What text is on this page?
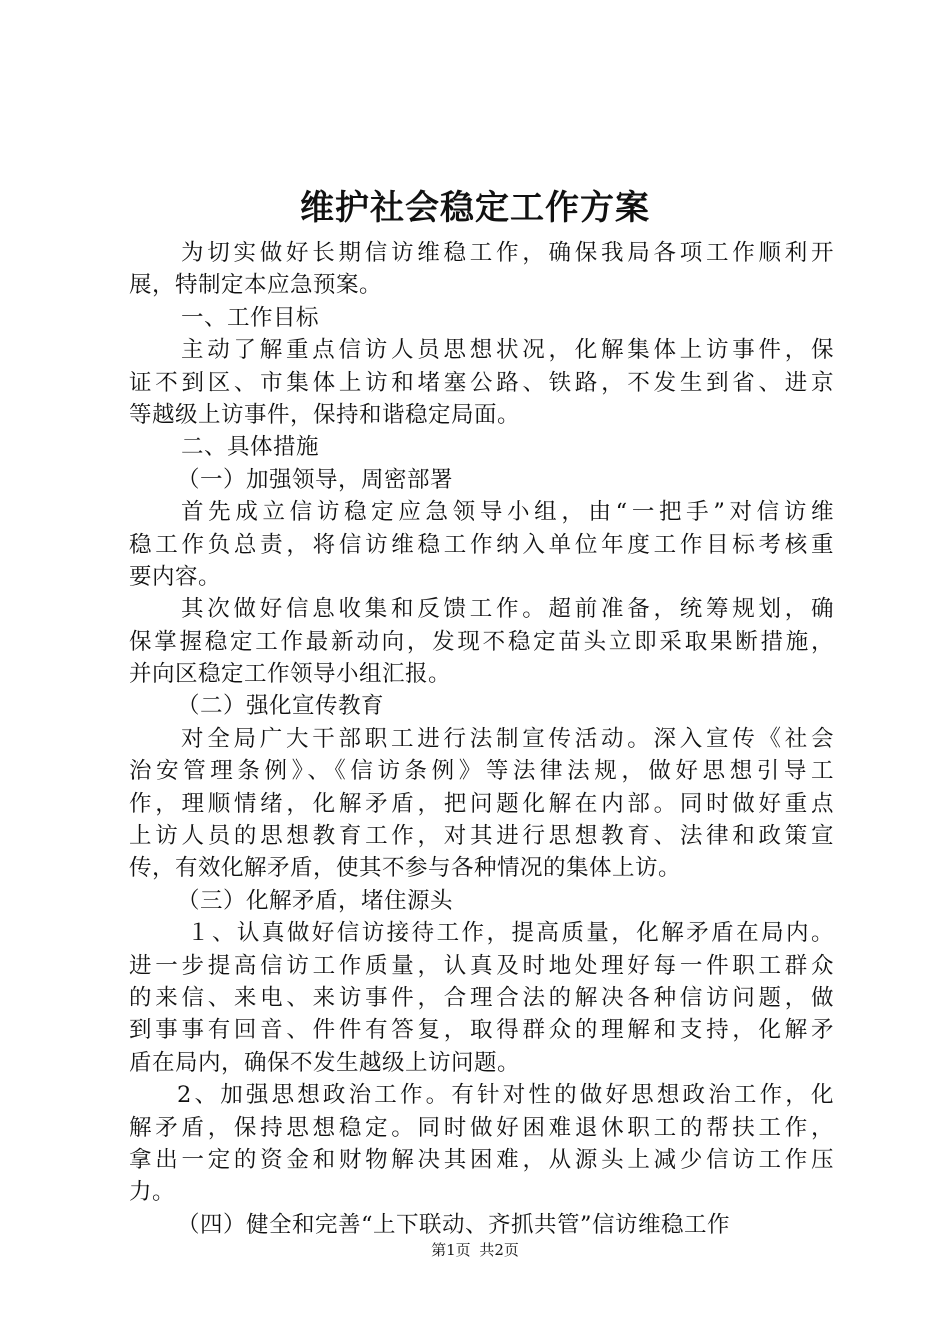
维护社会稳定工作方案
为切实做好长期信访维稳工作，确保我局各项工作顺利开
展，特制定本应急预案。
一、工作目标
主动了解重点信访人员思想状况，化解集体上访事件，保
证不到区、市集体上访和堵塞公路、铁路，不发生到省、进京
等越级上访事件，保持和谐稳定局面。
二、具体措施
（一）加强领导，周密部署
首先成立信访稳定应急领导小组，由“一把手”对信访维
稳工作负总责，将信访维稳工作纳入单位年度工作目标考核重
要内容。
其次做好信息收集和反馈工作。超前准备，统筹规划，确
保掌握稳定工作最新动向，发现不稳定苗头立即采取果断措施，
并向区稳定工作领导小组汇报。
（二）强化宣传教育
对全局广大干部职工进行法制宣传活动。深入宣传《社会
治安管理条例》、《信访条例》等法律法规，做好思想引导工
作，理顺情绪，化解矛盾，把问题化解在内部。同时做好重点
上访人员的思想教育工作，对其进行思想教育、法律和政策宣
传，有效化解矛盾，使其不参与各种情况的集体上访。
（三）化解矛盾，堵住源头
１、认真做好信访接待工作，提高质量，化解矛盾在局内。
进一步提高信访工作质量，认真及时地处理好每一件职工群众
的来信、来电、来访事件，合理合法的解决各种信访问题，做
到事事有回音、件件有答复，取得群众的理解和支持，化解矛
盾在局内，确保不发生越级上访问题。
2、加强思想政治工作。有针对性的做好思想政治工作，化
解矛盾，保持思想稳定。同时做好困难退休职工的帮扶工作，
拿出一定的资金和财物解决其困难，从源头上减少信访工作压
力。
（四）健全和完善“上下联动、齐抓共管”信访维稳工作
第1页 共2页
